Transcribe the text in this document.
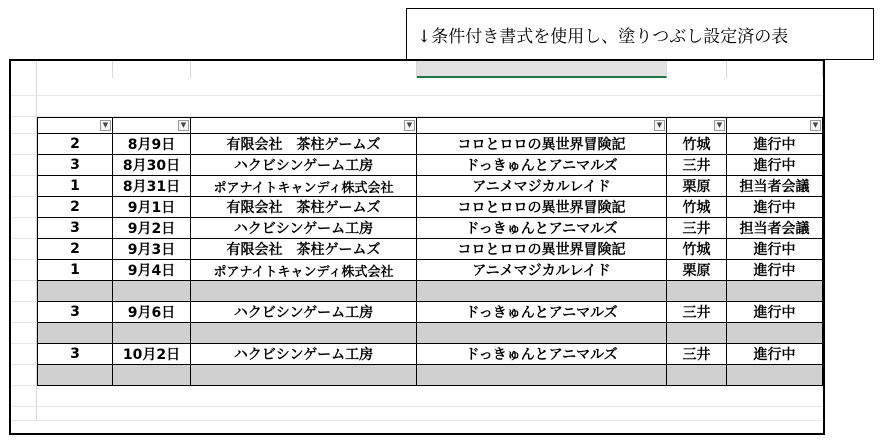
↓条件付き書式を使用し、塗りつぶし設定済の表
▼	▼	▼	▼	▼	▼
2	8月9日	有限会社　茶柱ゲームズ	コロとロロの異世界冒険記	竹城	進行中
3	8月30日	ハクビシンゲーム工房	ドっきゅんとアニマルズ	三井	進行中
1	8月31日	ポアナイトキャンディ株式会社	アニメマジカルレイド	栗原	担当者会議
2	9月1日	有限会社　茶柱ゲームズ	コロとロロの異世界冒険記	竹城	進行中
3	9月2日	ハクビシンゲーム工房	ドっきゅんとアニマルズ	三井	担当者会議
2	9月3日	有限会社　茶柱ゲームズ	コロとロロの異世界冒険記	竹城	進行中
1	9月4日	ポアナイトキャンディ株式会社	アニメマジカルレイド	栗原	進行中
3	9月6日	ハクビシンゲーム工房	ドっきゅんとアニマルズ	三井	進行中
3	10月2日	ハクビシンゲーム工房	ドっきゅんとアニマルズ	三井	進行中
